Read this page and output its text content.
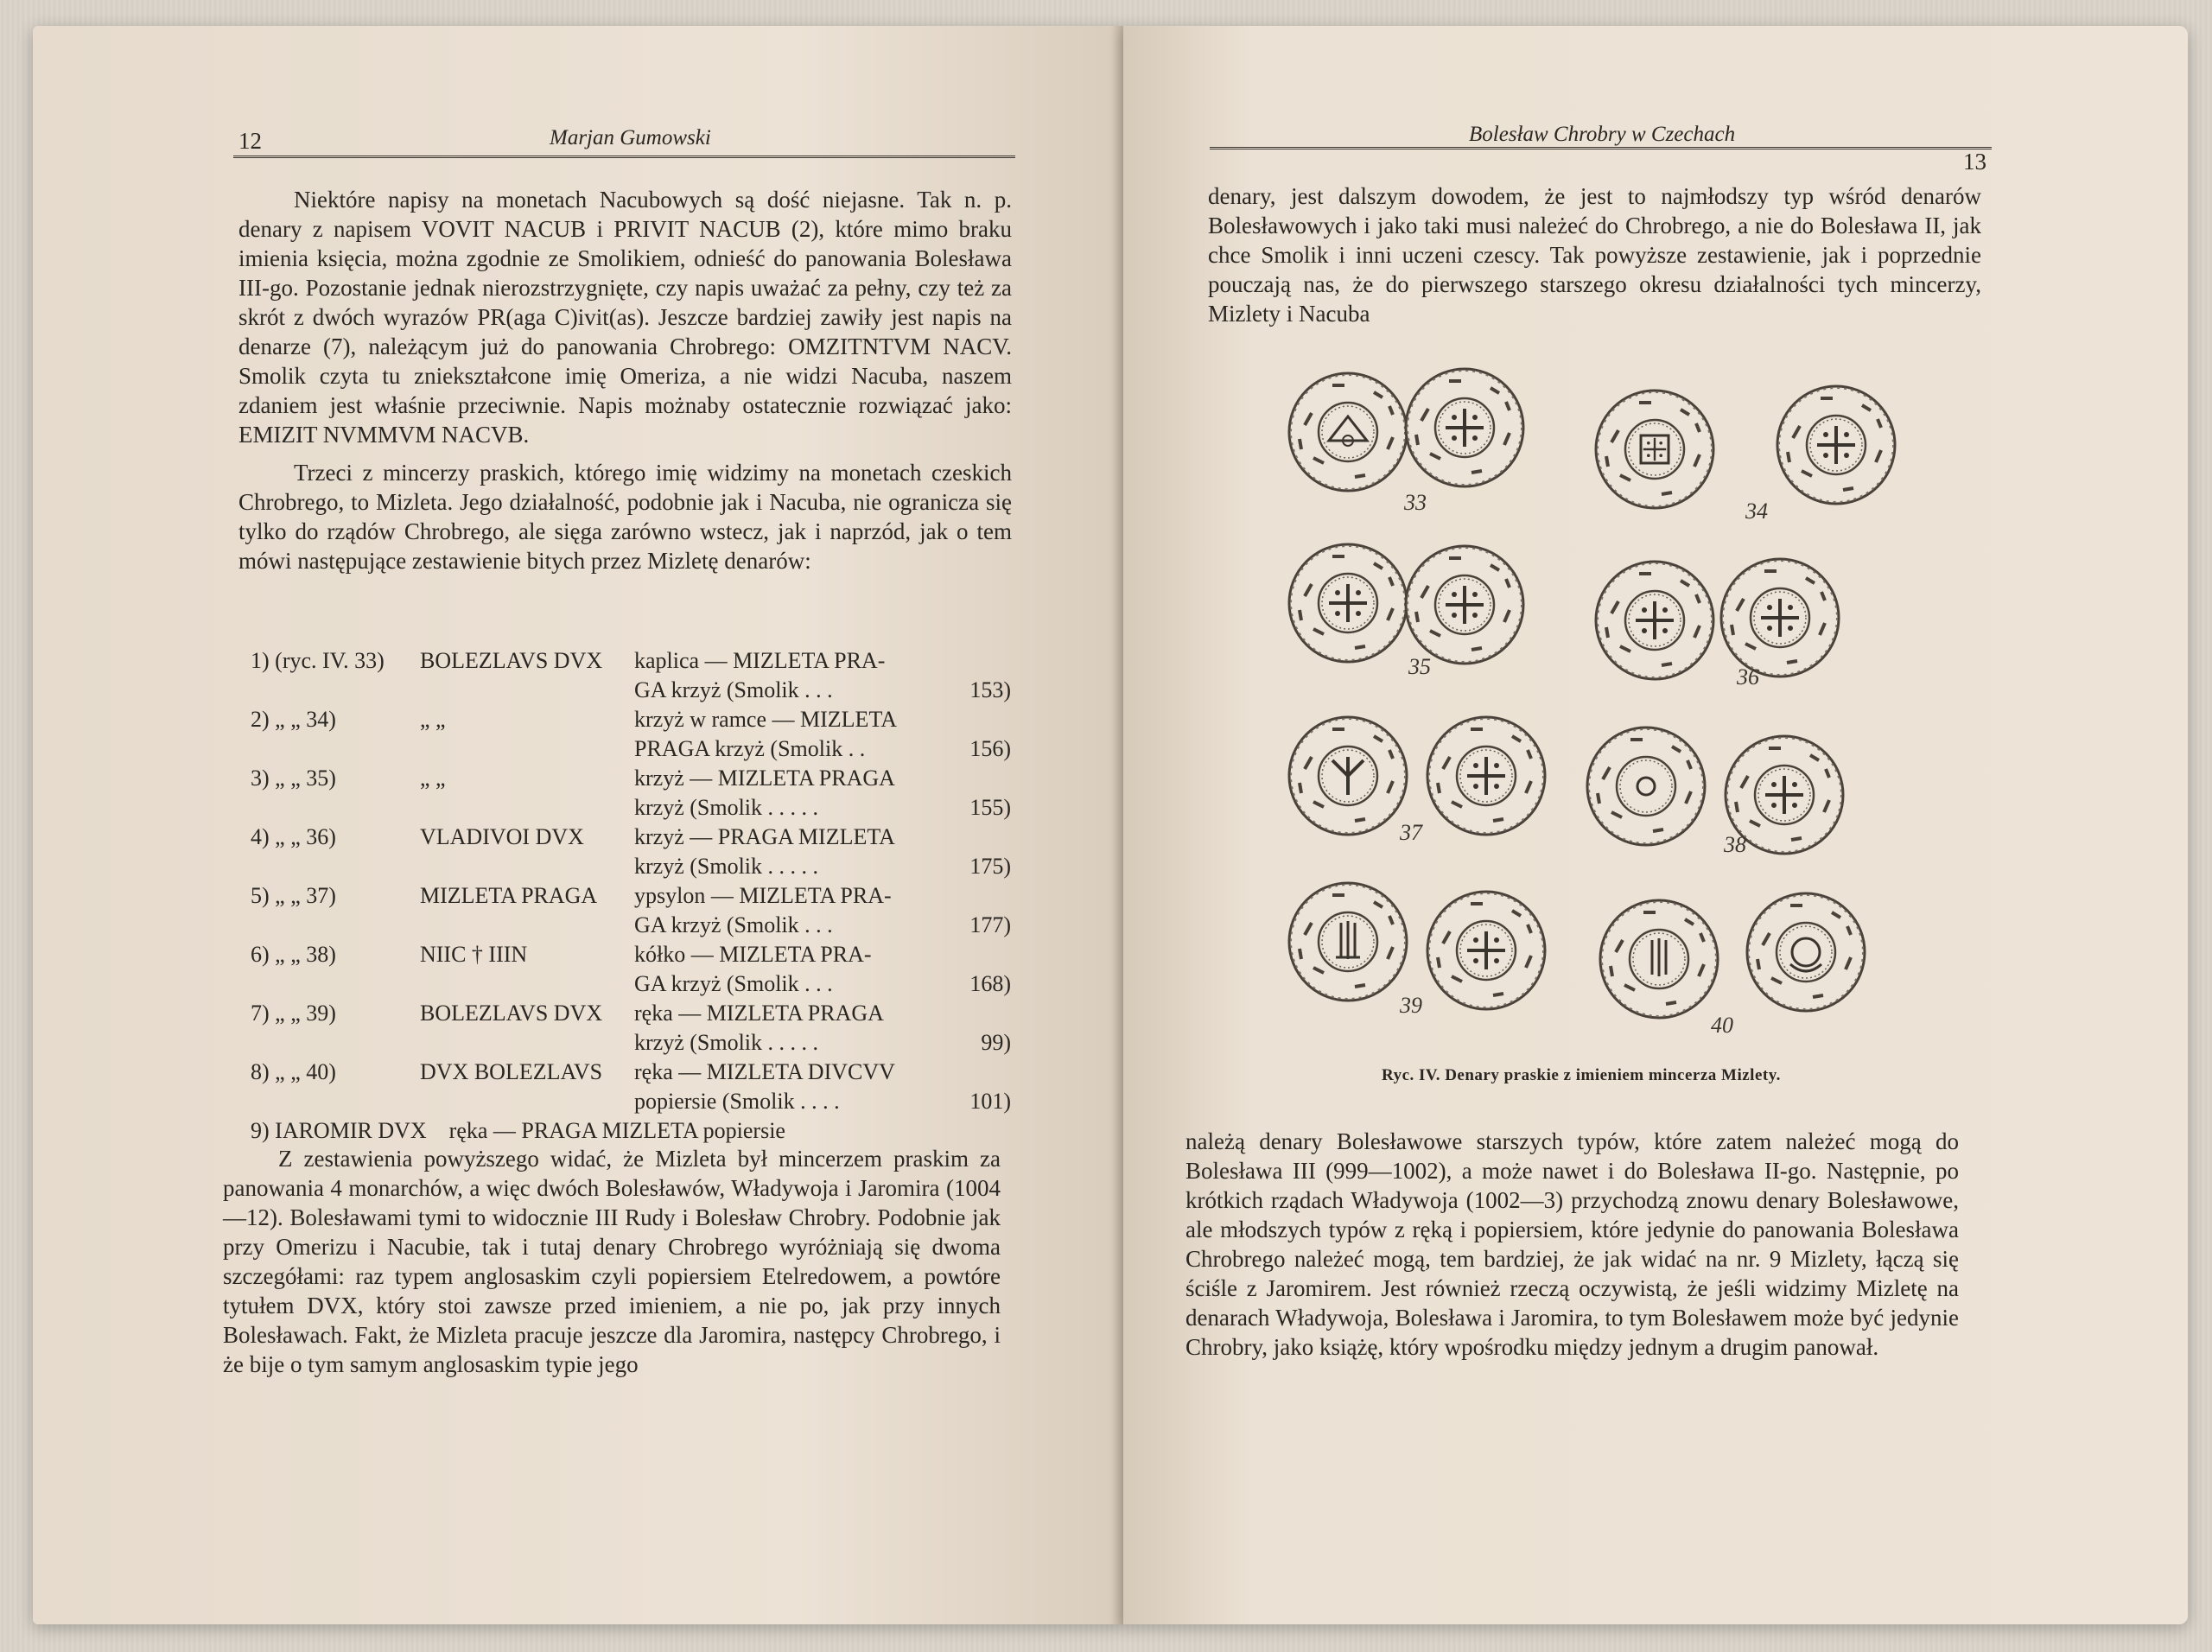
12	Marjan Gumowski

Niektóre napisy na monetach Nacubowych są dość niejasne. Tak n. p. denary z napisem VOVIT NACUB i PRIVIT NACUB (2), które mimo braku imienia księcia, można zgodnie ze Smolikiem, odnieść do panowania Bolesława III-go. Pozostanie jednak nierozstrzygnięte, czy napis uważać za pełny, czy też za skrót z dwóch wyrazów PR(aga C)ivit(as). Jeszcze bardziej zawiły jest napis na denarze (7), należącym już do panowania Chrobrego: OMZITNTVM NACV. Smolik czyta tu zniekształcone imię Omeriza, a nie widzi Nacuba, naszem zdaniem jest właśnie przeciwnie. Napis możnaby ostatecznie rozwiązać jako: EMIZIT NVMMVM NACVB.

Trzeci z mincerzy praskich, którego imię widzimy na monetach czeskich Chrobrego, to Mizleta. Jego działalność, podobnie jak i Nacuba, nie ogranicza się tylko do rządów Chrobrego, ale sięga zarówno wstecz, jak i naprzód, jak o tem mówi następujące zestawienie bitych przez Mizletę denarów:

1) (ryc. IV. 33)	BOLEZLAVS DVX	kaplica — MIZLETA PRA-
GA krzyż (Smolik . . .	153)
2) „ „ 34)	„ „	krzyż w ramce — MIZLETA
PRAGA krzyż (Smolik . .	156)
3) „ „ 35)	„ „	krzyż — MIZLETA PRAGA
krzyż (Smolik . . . . .	155)
4) „ „ 36)	VLADIVOI DVX	krzyż — PRAGA MIZLETA
krzyż (Smolik . . . . .	175)
5) „ „ 37)	MIZLETA PRAGA	ypsylon — MIZLETA PRA-
GA krzyż (Smolik . . .	177)
6) „ „ 38)	NIIC † IIIN	kółko — MIZLETA PRA-
GA krzyż (Smolik . . .	168)
7) „ „ 39)	BOLEZLAVS DVX	ręka — MIZLETA PRAGA
krzyż (Smolik . . . . .	99)
8) „ „ 40)	DVX BOLEZLAVS	ręka — MIZLETA DIVCVV
popiersie (Smolik . . . .	101)
9) IAROMIR DVX    ręka — PRAGA MIZLETA popiersie

Z zestawienia powyższego widać, że Mizleta był mincerzem praskim za panowania 4 monarchów, a więc dwóch Bolesławów, Władywoja i Jaromira (1004—12). Bolesławami tymi to widocznie III Rudy i Bolesław Chrobry. Podobnie jak przy Omerizu i Nacubie, tak i tutaj denary Chrobrego wyróżniają się dwoma szczegółami: raz typem anglosaskim czyli popiersiem Etelredowem, a powtóre tytułem DVX, który stoi zawsze przed imieniem, a nie po, jak przy innych Bolesławach. Fakt, że Mizleta pracuje jeszcze dla Jaromira, następcy Chrobrego, i że bije o tym samym anglosaskim typie jego

Bolesław Chrobry w Czechach
13

denary, jest dalszym dowodem, że jest to najmłodszy typ wśród denarów Bolesławowych i jako taki musi należeć do Chrobrego, a nie do Bolesława II, jak chce Smolik i inni uczeni czescy. Tak powyższe zestawienie, jak i poprzednie pouczają nas, że do pierwszego starszego okresu działalności tych mincerzy, Mizlety i Nacuba

33	34
35	36
37	38
39
40
Ryc. IV. Denary praskie z imieniem mincerza Mizlety.

należą denary Bolesławowe starszych typów, które zatem należeć mogą do Bolesława III (999—1002), a może nawet i do Bolesława II-go. Następnie, po krótkich rządach Władywoja (1002—3) przychodzą znowu denary Bolesławowe, ale młodszych typów z ręką i popiersiem, które jedynie do panowania Bolesława Chrobrego należeć mogą, tem bardziej, że jak widać na nr. 9 Mizlety, łączą się ściśle z Jaromirem. Jest również rzeczą oczywistą, że jeśli widzimy Mizletę na denarach Władywoja, Bolesława i Jaromira, to tym Bolesławem może być jedynie Chrobry, jako książę, który wpośrodku między jednym a drugim panował.
